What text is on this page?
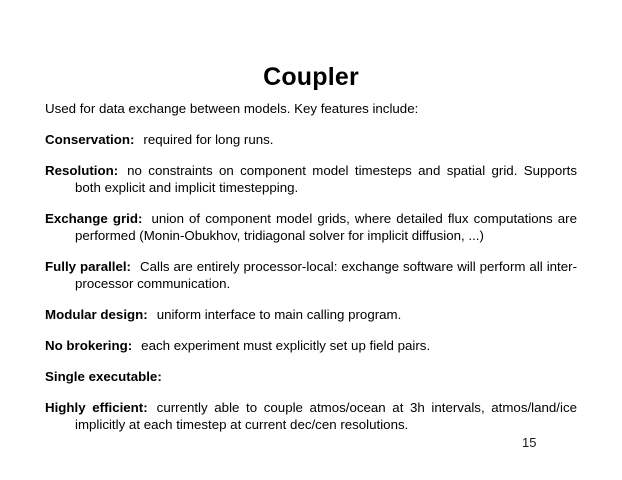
Coupler

Used for data exchange between models. Key features include:

Conservation: required for long runs.

Resolution: no constraints on component model timesteps and spatial grid. Supports both explicit and implicit timestepping.

Exchange grid: union of component model grids, where detailed flux computations are performed (Monin-Obukhov, tridiagonal solver for implicit diffusion, ...)

Fully parallel: Calls are entirely processor-local: exchange software will perform all inter-processor communication.

Modular design: uniform interface to main calling program.

No brokering: each experiment must explicitly set up field pairs.

Single executable:

Highly efficient: currently able to couple atmos/ocean at 3h intervals, atmos/land/ice implicitly at each timestep at current dec/cen resolutions.

15
